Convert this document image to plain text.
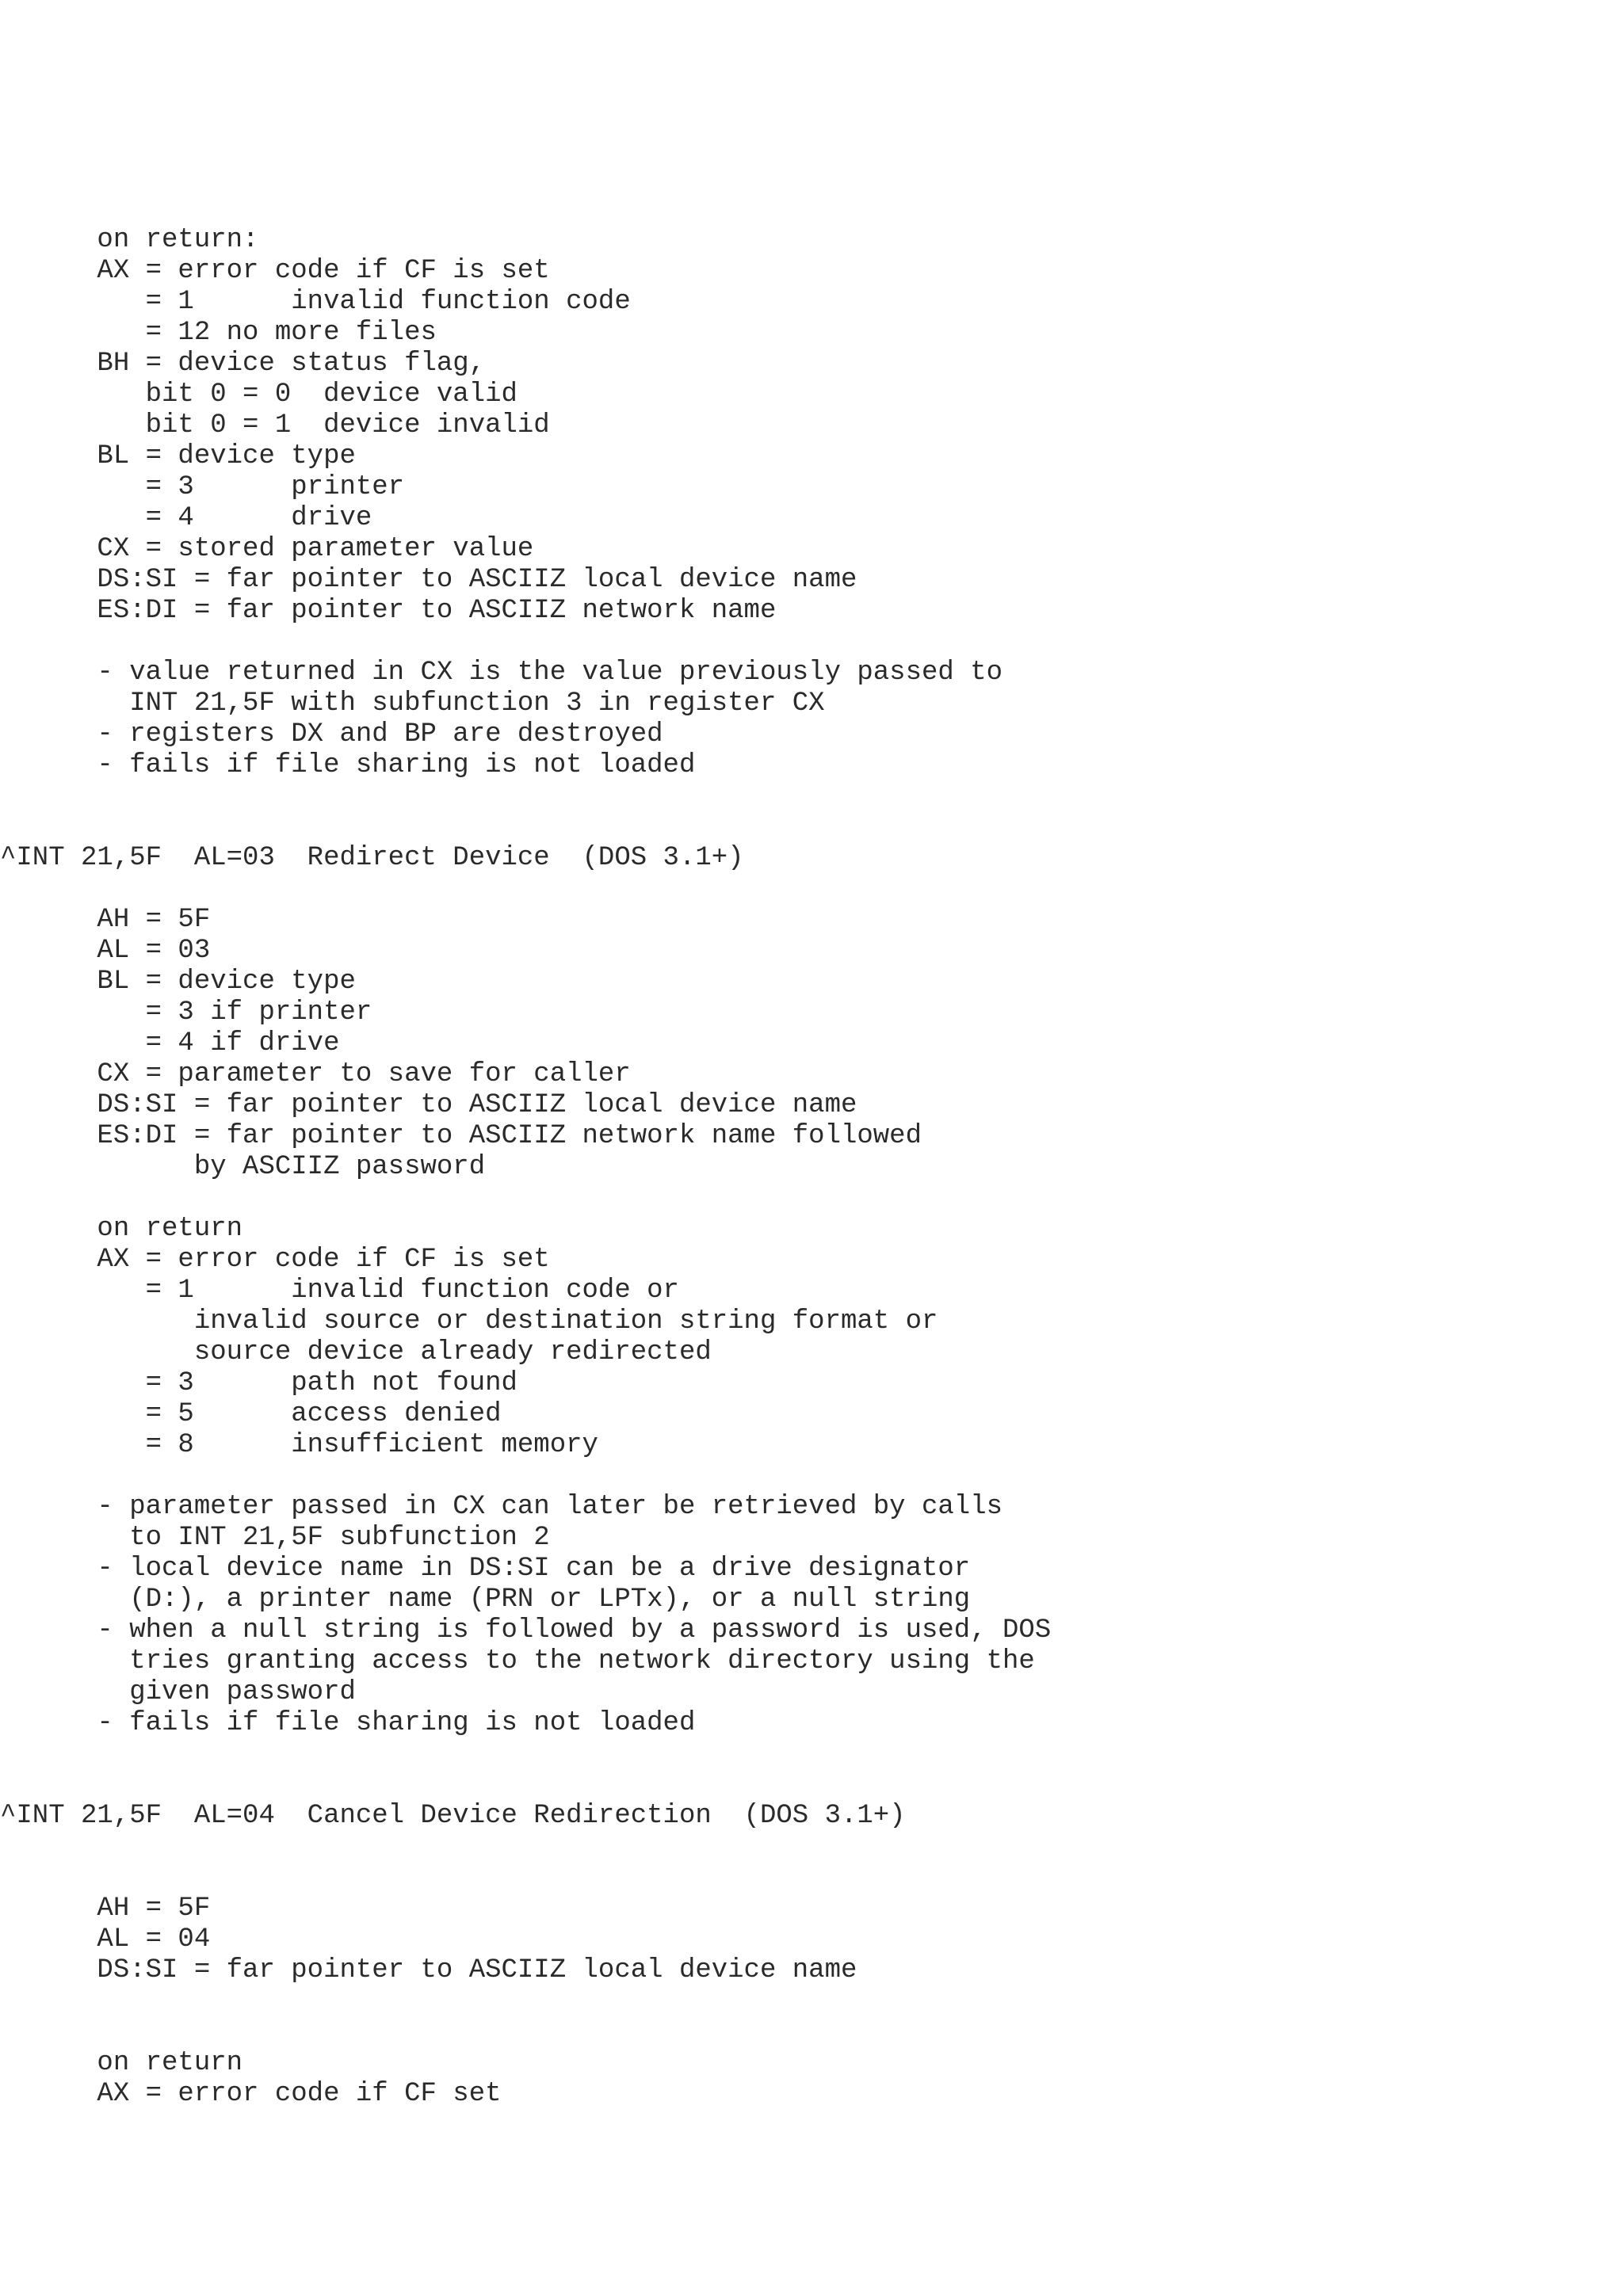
on return:
AX = error code if CF is set
= 1      invalid function code
= 12 no more files
BH = device status flag,
bit 0 = 0  device valid
bit 0 = 1  device invalid
BL = device type
= 3      printer
= 4      drive
CX = stored parameter value
DS:SI = far pointer to ASCIIZ local device name
ES:DI = far pointer to ASCIIZ network name
- value returned in CX is the value previously passed to
INT 21,5F with subfunction 3 in register CX
- registers DX and BP are destroyed
- fails if file sharing is not loaded
^INT 21,5F  AL=03  Redirect Device  (DOS 3.1+)
AH = 5F
AL = 03
BL = device type
= 3 if printer
= 4 if drive
CX = parameter to save for caller
DS:SI = far pointer to ASCIIZ local device name
ES:DI = far pointer to ASCIIZ network name followed
by ASCIIZ password
on return
AX = error code if CF is set
= 1      invalid function code or
invalid source or destination string format or
source device already redirected
= 3      path not found
= 5      access denied
= 8      insufficient memory
- parameter passed in CX can later be retrieved by calls
to INT 21,5F subfunction 2
- local device name in DS:SI can be a drive designator
(D:), a printer name (PRN or LPTx), or a null string
- when a null string is followed by a password is used, DOS
tries granting access to the network directory using the
given password
- fails if file sharing is not loaded
^INT 21,5F  AL=04  Cancel Device Redirection  (DOS 3.1+)
AH = 5F
AL = 04
DS:SI = far pointer to ASCIIZ local device name
on return
AX = error code if CF set
